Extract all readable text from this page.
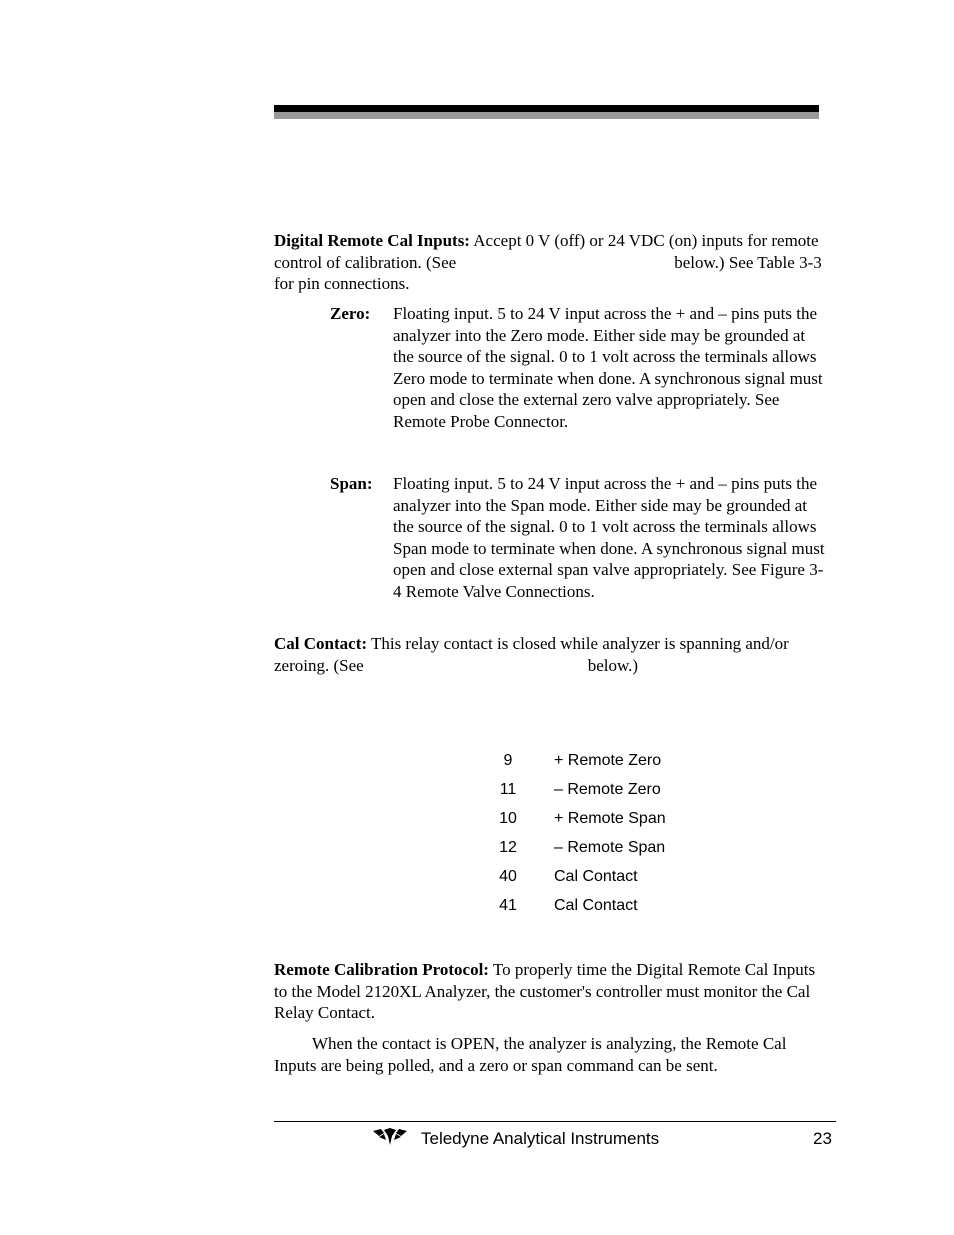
Digital Remote Cal Inputs: Accept 0 V (off) or 24 VDC (on) inputs for remote control of calibration. (See	below.) See Table 3-3 for pin connections.

Zero: Floating input. 5 to 24 V input across the + and – pins puts the analyzer into the Zero mode. Either side may be grounded at the source of the signal. 0 to 1 volt across the terminals allows Zero mode to terminate when done. A synchronous signal must open and close the external zero valve appropriately. See Remote Probe Connector.
Span: Floating input. 5 to 24 V input across the + and – pins puts the analyzer into the Span mode. Either side may be grounded at the source of the signal. 0 to 1 volt across the terminals allows Span mode to terminate when done. A synchronous signal must open and close external span valve appropriately. See Figure 3-4 Remote Valve Connections.

Cal Contact: This relay contact is closed while analyzer is spanning and/or zeroing. (See	below.)

9	+ Remote Zero
11	– Remote Zero
10	+ Remote Span
12	– Remote Span
40	Cal Contact
41	Cal Contact

Remote Calibration Protocol: To properly time the Digital Remote Cal Inputs to the Model 2120XL Analyzer, the customer's controller must monitor the Cal Relay Contact.

When the contact is OPEN, the analyzer is analyzing, the Remote Cal Inputs are being polled, and a zero or span command can be sent.

Teledyne Analytical Instruments	23
